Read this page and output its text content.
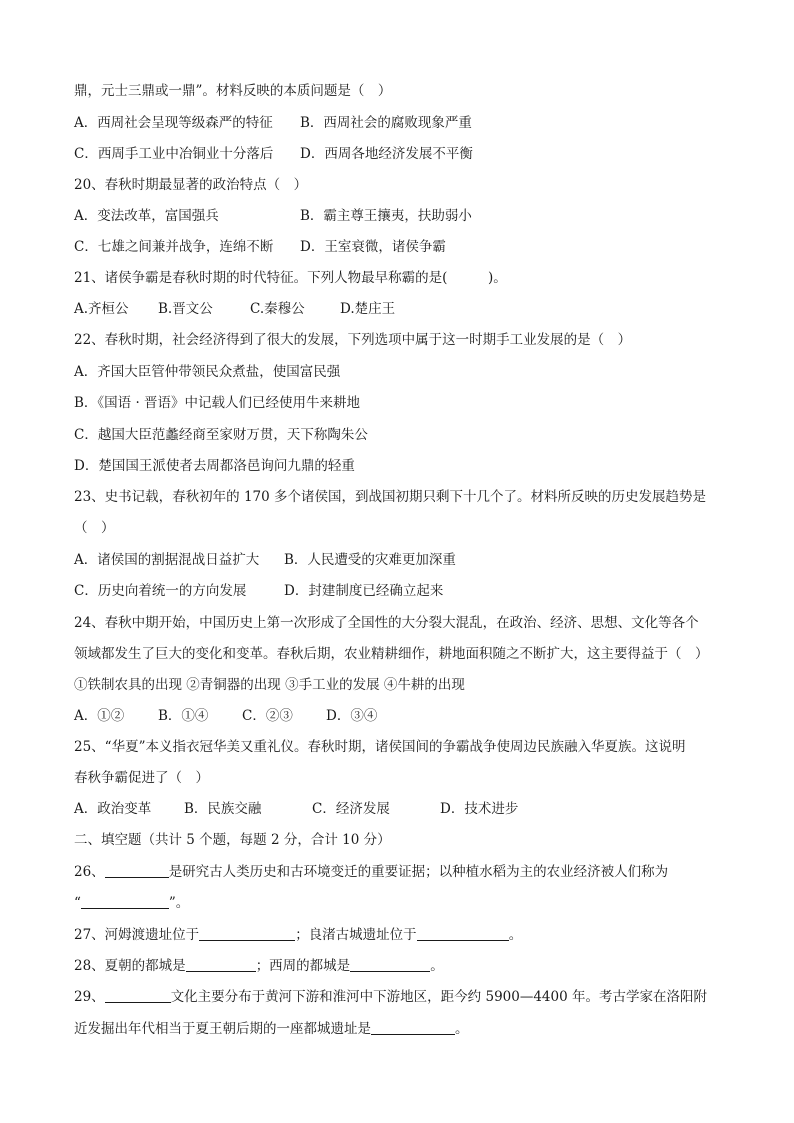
鼎，元士三鼎或一鼎”。材料反映的本质问题是（　）
A．西周社会呈现等级森严的特征 B．西周社会的腐败现象严重
C．西周手工业中冶铜业十分落后 D．西周各地经济发展不平衡
20、春秋时期最显著的政治特点（　）
A．变法改革，富国强兵	B．霸主尊王攘夷，扶助弱小
C．七雄之间兼并战争，连绵不断 D．王室衰微，诸侯争霸
21、诸侯争霸是春秋时期的时代特征。下列人物最早称霸的是(　　　)。
A.齐桓公 B.晋文公	C.秦穆公	D.楚庄王
22、春秋时期，社会经济得到了很大的发展，下列选项中属于这一时期手工业发展的是（　）
A．齐国大臣管仲带领民众煮盐，使国富民强
B．《国语 · 晋语》中记载人们已经使用牛来耕地
C．越国大臣范蠡经商至家财万贯，天下称陶朱公
D．楚国国王派使者去周都洛邑询问九鼎的轻重
23、史书记载，春秋初年的 170 多个诸侯国，到战国初期只剩下十几个了。材料所反映的历史发展趋势是
（　）
A．诸侯国的割据混战日益扩大 B．人民遭受的灾难更加深重
C．历史向着统一的方向发展	D．封建制度已经确立起来
24、春秋中期开始，中国历史上第一次形成了全国性的大分裂大混乱，在政治、经济、思想、文化等各个
领域都发生了巨大的变化和变革。春秋后期，农业精耕细作，耕地面积随之不断扩大，这主要得益于（　）
①铁制农具的出现 ②青铜器的出现 ③手工业的发展 ④牛耕的出现
A．①②	B．①④ C．②③ D．③④
25、“华夏”本义指衣冠华美又重礼仪。春秋时期，诸侯国间的争霸战争使周边民族融入华夏族。这说明
春秋争霸促进了（　）
A．政治变革 B．民族交融	C．经济发展	D．技术进步
二、填空题（共计 5 个题，每题 2 分，合计 10 分）
26、	是研究古人类历史和古环境变迁的重要证据；以种植水稻为主的农业经济被人们称为
“	”。
27、河姆渡遗址位于	；良渚古城遗址位于	。
28、夏朝的都城是	；西周的都城是	。
29、	文化主要分布于黄河下游和淮河中下游地区，距今约 5900—4400 年。考古学家在洛阳附
近发掘出年代相当于夏王朝后期的一座都城遗址是	。
